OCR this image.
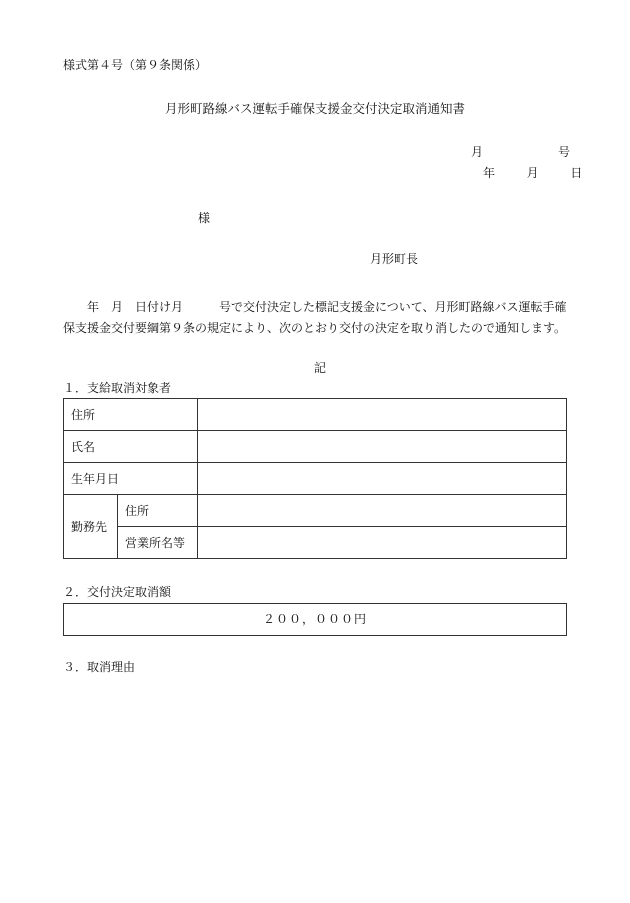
様式第４号（第９条関係）
月形町路線バス運転手確保支援金交付決定取消通知書
月	号
年	月	日
様
月形町長

　　年　月　日付け月　　　号で交付決定した標記支援金について、月形町路線バス運転手確保支援金交付要綱第９条の規定により、次のとおり交付の決定を取り消したので通知します。

記
１．支給取消対象者
住所		
氏名		
生年月日		
勤務先	住所	
	営業所名等	
２．交付決定取消額
２００，０００円
３．取消理由
